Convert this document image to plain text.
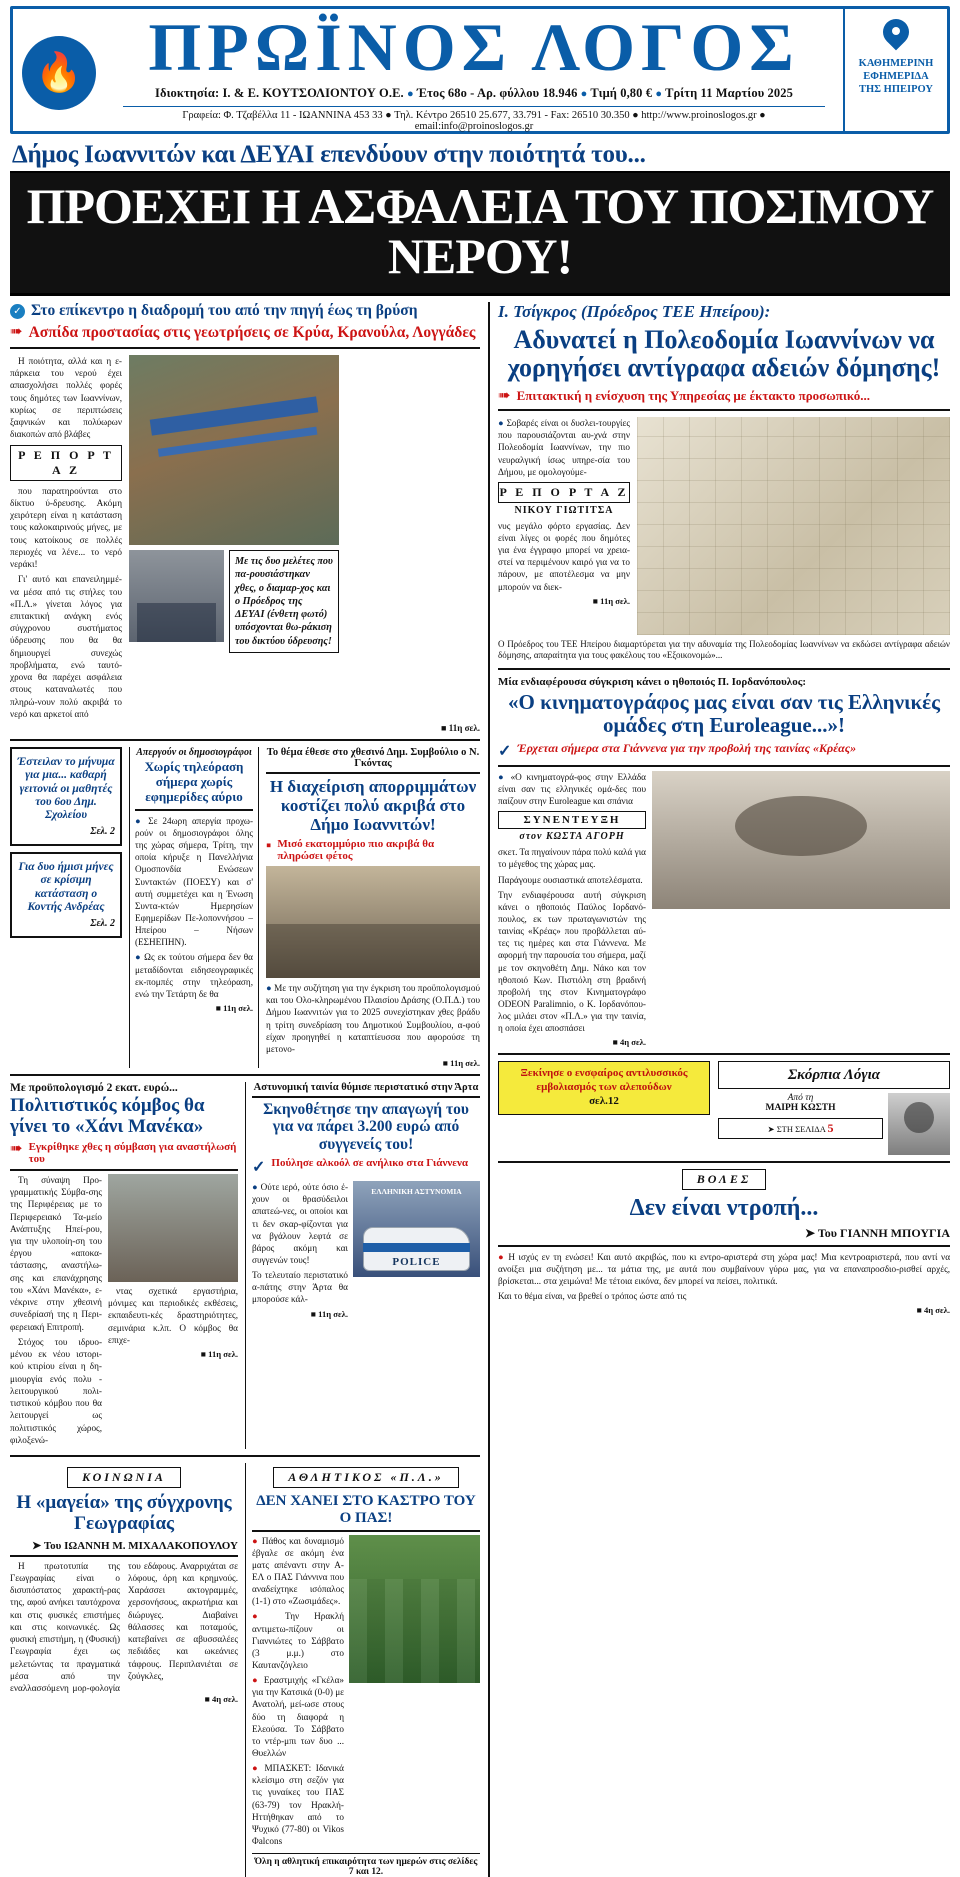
🔥 ΠΡΩΪΝΟΣ ΛΟΓΟΣ
Ιδιοκτησία: Ι. & Ε. ΚΟΥΤΣΟΛΙΟΝΤΟΥ Ο.Ε. ● Έτος 68ο - Αρ. φύλλου 18.946 ● Τιμή 0,80 € ● Τρίτη 11 Μαρτίου 2025
Γραφεία: Φ. Τζαβέλλα 11 - ΙΩΑΝΝΙΝΑ 453 33 ● Τηλ. Κέντρο 26510 25.677, 33.791 - Fax: 26510 30.350 ● http://www.proinoslogos.gr ● email:info@proinoslogos.gr
ΚΑΘΗΜΕΡΙΝΗ
ΕΦΗΜΕΡΙΔΑ
ΤΗΣ ΗΠΕΙΡΟΥ
Δήμος Ιωαννιτών και ΔΕΥΑΙ επενδύουν στην ποιότητά του...
ΠΡΟΕΧΕΙ Η ΑΣΦΑΛΕΙΑ ΤΟΥ ΠΟΣΙΜΟΥ ΝΕΡΟΥ!
✓ Στο επίκεντρο η διαδρομή του από την πηγή έως τη βρύση
➠ Ασπίδα προστασίας στις γεωτρήσεις σε Κρύα, Κρανούλα, Λογγάδες

Η ποιότητα, αλλά και η ε-πάρκεια του νερού έχει απασχολήσει πολλές φορές τους δημότες των Ιωαννίνων, κυρίως σε περιπτώσεις ξαφνικών και πολύωρων διακοπών από βλάβες

Ρ Ε Π Ο Ρ Τ Α Ζ

που παρατηρούνται στο δίκτυο ύ-δρευσης. Ακόμη χειρότερη είναι η κατάσταση τους καλοκαιρινούς μήνες, με τους κατοίκους σε πολλές περιοχές να λένε... το νερό νεράκι!

Γι' αυτό και επανειλημμέ-να μέσα από τις στήλες του «Π.Λ.» γίνεται λόγος για επιτακτική ανάγκη ενός σύγχρονου συστήματος ύδρευσης που θα θα δημιουργεί συνεχώς προβλήματα, ενώ ταυτό-χρονα θα παρέχει ασφάλεια στους καταναλωτές που πληρώ-νουν πολύ ακριβά το νερό και αρκετοί από

Με τις δυο μελέτες που πα-ρουσιάστηκαν χθες, ο διαμαρ-χος και ο Πρόεδρος της ΔΕΥΑΙ (ένθετη φωτό) υπόσχονται θω-ράκιση του δικτύου ύδρευσης!
■ 11η σελ.
Έστειλαν το μήνυμα για μια... καθαρή γειτονιά οι μαθητές του 6ου Δημ. Σχολείου
Σελ. 2
Για δυο ήμισι μήνες σε κρίσιμη κατάσταση ο Κοντής Ανδρέας
Σελ. 2
Απεργούν οι δημοσιογράφοι
Χωρίς τηλεόραση σήμερα χωρίς εφημερίδες αύριο
● Σε 24ωρη απεργία προχω-ρούν οι δημοσιογράφοι όλης της χώρας σήμερα, Τρίτη, την οποία κήρυξε η Πανελλήνια Ομοσπονδία Ενώσεων Συντακτών (ΠΟΕΣΥ) και σ' αυτή συμμετέχει και η Ένωση Συντα-κτών Ημερησίων Εφημερίδων Πε-λοποννήσου – Ηπείρου – Νήσων (ΕΣΗΕΠΗΝ).
● Ως εκ τούτου σήμερα δεν θα μεταδίδονται ειδησεογραφικές εκ-πομπές στην τηλεόραση, ενώ την Τετάρτη δε θα
■ 11η σελ.
Το θέμα έθεσε στο χθεσινό Δημ. Συμβούλιο ο Ν. Γκόντας
Η διαχείριση απορριμμάτων κοστίζει πολύ ακριβά στο Δήμο Ιωαννιτών!
▪ Μισό εκατομμύριο πιο ακριβά θα πληρώσει φέτος
● Με την συζήτηση για την έγκριση του προϋπολογισμού και του Ολο-κληρωμένου Πλαισίου Δράσης (Ο.Π.Δ.) του Δήμου Ιωαννιτών για το 2025 συνεχίστηκαν χθες βράδυ η τρίτη συνεδρίαση του Δημοτικού Συμβουλίου, α-φού είχαν προηγηθεί η καταπτίευσσα που αφορούσε τη μετονο-
■ 11η σελ.
Με προϋπολογισμό 2 εκατ. ευρώ...
Πολιτιστικός κόμβος θα γίνει το «Χάνι Μανέκα»
➠ Εγκρίθηκε χθες η σύμβαση για αναστήλωσή του

Τη σύναψη Προ-γραμματικής Σύμβα-σης της Περιφέρειας με το Περιφερειακό Τα-μείο Ανάπτυξης Ηπεί-ρου, για την υλοποίη-ση του έργου «αποκα-τάστασης, αναστήλω-σης και επανάχρησης του «Χάνι Μανέκα», ε-νέκρινε στην χθεσινή συνεδρίασή της η Περι-φερειακή Επιτροπή.

Στόχος του ιδρυο-μένου εκ νέου ιστορι-κού κτιρίου είναι η δη-μιουργία ενός πολυ - λειτουργικού πολι-τιστικού κόμβου που θα λειτουργεί ως πολιτιστικός χώρος, φιλοξενώ-

ντας σχετικά εργαστήρια, μόνιμες και περιοδικές εκθέσεις, εκπαιδευτι-κές δραστηριότητες, σεμινάρια κ.λπ. Ο κόμβος θα επιχε-

■ 11η σελ.
Αστυνομική ταινία θύμισε περιστατικό στην Άρτα
Σκηνοθέτησε την απαγωγή του για να πάρει 3.200 ευρώ από συγγενείς του!
✓ Πούλησε αλκοόλ σε ανήλικο στα Γιάννενα
● Ούτε ιερό, ούτε όσιο έ-χουν οι θρασύδειλοι απατεώ-νες, οι οποίοι και τι δεν σκαρ-φίζονται για να βγάλουν λεφτά σε βάρος ακόμη και συγγενών τους!
Το τελευταίο περιστατικό α-πάτης στην Άρτα θα μπορούσε κάλ-
■ 11η σελ.
ΕΛΛΗΝΙΚΗ ΑΣΤΥΝΟΜΙΑ
POLICE
ΚΟΙΝΩΝΙΑ
Η «μαγεία» της σύγχρονης Γεωγραφίας
➤ Του ΙΩΑΝΝΗ Μ. ΜΙΧΑΛΑΚΟΠΟΥΛΟΥ

Η πρωτοτυπία της Γεωγραφίας είναι ο δισυπόστατος χαρακτή-ρας της, αφού ανήκει ταυτόχρονα και στις φυσικές επιστήμες και στις κοινωνικές. Ως φυσική επιστήμη, η (Φυσική) Γεωγραφία έχει ως μελετώντας τα πραγματικά μέσα από την εναλλασσόμενη μορ-φολογία του εδάφους. Αναρριχάται σε λόφους, όρη και κρημνούς. Χαράσσει ακτογραμμές, χερσονήσους, ακρωτήρια και διώρυγες. Διαβαίνει θάλασσες και ποταμούς, κατεβαίνει σε αβυσσαλέες πεδιάδες και ωκεάνιες τάφρους. Περιπλανιέται σε ζούγκλες,

■ 4η σελ.
ΑΘΛΗΤΙΚΟΣ «Π.Λ.»
ΔΕΝ ΧΑΝΕΙ ΣΤΟ ΚΑΣΤΡΟ ΤΟΥ Ο ΠΑΣ!
● Πάθος και δυναμισμό έβγαλε σε ακόμη ένα ματς απέναντι στην Α-ΕΛ ο ΠΑΣ Γιάννινα που αναδείχτηκε ισόπαλος (1-1) στο «Ζωσιμάδες».
● Την Ηρακλή αντιμετω-πίζουν οι Γιαννιώτες το Σάββατο (3 μ.μ.) στο Καυτανζόγλειο
● Εραστμιχής «Γκέλα» για την Κατσικά (0-0) με Ανατολή, μεί-ωσε στους δύο τη διαφορά η Ελεούσα. Το Σάββατο το ντέρ-μπι των δυο ... Θυελλών
● ΜΠΑΣΚΕΤ: Ιδανικά κλείσιμο στη σεζόν για τις γυναίκες του ΠΑΣ (63-79) τον Ηρακλή- Ηττήθηκαν από το Ψυχικό (77-80) οι Vikos Φalcons
Όλη η αθλητική επικαιρότητα των ημερών στις σελίδες 7 και 12.
Ι. Τσίγκρος (Πρόεδρος ΤΕΕ Ηπείρου):
Αδυνατεί η Πολεοδομία Ιωαννίνων να χορηγήσει αντίγραφα αδειών δόμησης!
➠ Επιτακτική η ενίσχυση της Υπηρεσίας με έκτακτο προσωπικό...
● Σοβαρές είναι οι δυσλει-τουργίες που παρουσιάζονται αυ-χνά στην Πολεοδομία Ιωαννίνων, την πιο νευραλγική ίσως υπηρε-σία του Δήμου, με ομολογούμε-
Ρ Ε Π Ο Ρ Τ Α Ζ
ΝΙΚΟΥ ΓΙΩΤΙΤΣΑ
νυς μεγάλο φόρτο εργασίας. Δεν είναι λίγες οι φορές που δημότες για ένα έγγραφο μπορεί να χρεια-στεί να περιμένουν καιρό για να το πάρουν, με αποτέλεσμα να μην μπορούν να διεκ-
■ 11η σελ.
Ο Πρόεδρος του ΤΕΕ Ηπείρου διαμαρτύρεται για την αδυναμία της Πολεοδομίας Ιωαννίνων να εκδώσει αντίγραφα αδειών δόμησης, απαραίτητα για τους φακέλους του «Εξοικονομώ»...
Μία ενδιαφέρουσα σύγκριση κάνει ο ηθοποιός Π. Ιορδανόπουλος:
«Ο κινηματογράφος μας είναι σαν τις Ελληνικές ομάδες στη Euroleague...»!
✓ Έρχεται σήμερα στα Γιάννενα για την προβολή της ταινίας «Κρέας»
● «Ο κινηματογρά-φος στην Ελλάδα είναι σαν τις ελληνικές ομά-δες που παίζουν στην Euroleague και σπάνια
ΣΥΝΕΝΤΕΥΞΗ
στον ΚΩΣΤΑ ΑΓΟΡΗ
σκετ. Τα πηγαίνουν πάρα πολύ καλά για το μέγεθος της χώρας μας.
Παράγουμε ουσιαστικά αποτελέσματα.
Την ενδιαφέρουσα αυτή σύγκριση κάνει ο ηθοποιός Παύλος Ιορδανό-πουλος, εκ των πρωταγωνιστών της ταινίας «Κρέας» που προβάλλεται αύ-τες τις ημέρες και στα Γιάννενα. Με αφορμή την παρουσία του σήμερα, μαζί με τον σκηνοθέτη Δημ. Νάκο και τον ηθοποιό Κων. Πιστιόλη στη βραδινή προβολή της στον Κινηματογράφο ΟDEON Paralimnio, ο Κ. Ιορδανόπου-λος μιλάει στον «Π.Λ.» για την ταινία, η οποία έχει αποσπάσει
■ 4η σελ.
Ξεκίνησε ο ενσφαίρος αντιλυσσικός
εμβολιασμός των αλεπούδων
σελ.12
Σκόρπια Λόγια
Από τη
ΜΑΙΡΗ ΚΩΣΤΗ
➤ ΣΤΗ ΣΕΛΙΔΑ 5
ΒΟΛΕΣ
Δεν είναι ντροπή...
➤ Του ΓΙΑΝΝΗ ΜΠΟΥΓΙΑ
● Η ισχύς εν τη ενώσει! Και αυτό ακριβώς, που κι εντρο-αριστερά στη χώρα μας! Μια κεντροαριστερά, που αντί να ανοίξει μια συζήτηση με... τα μάτια της, με αυτά που συμβαίνουν γύρω μας, για να επαναπροσδιο-ρισθεί αρχές, βρίσκεται... στα χειμώνα! Με τέτοια εικόνα, δεν μπορεί να πείσει, πολιτικά.
Και το θέμα είναι, να βρεθεί ο τρόπος ώστε από τις
■ 4η σελ.
